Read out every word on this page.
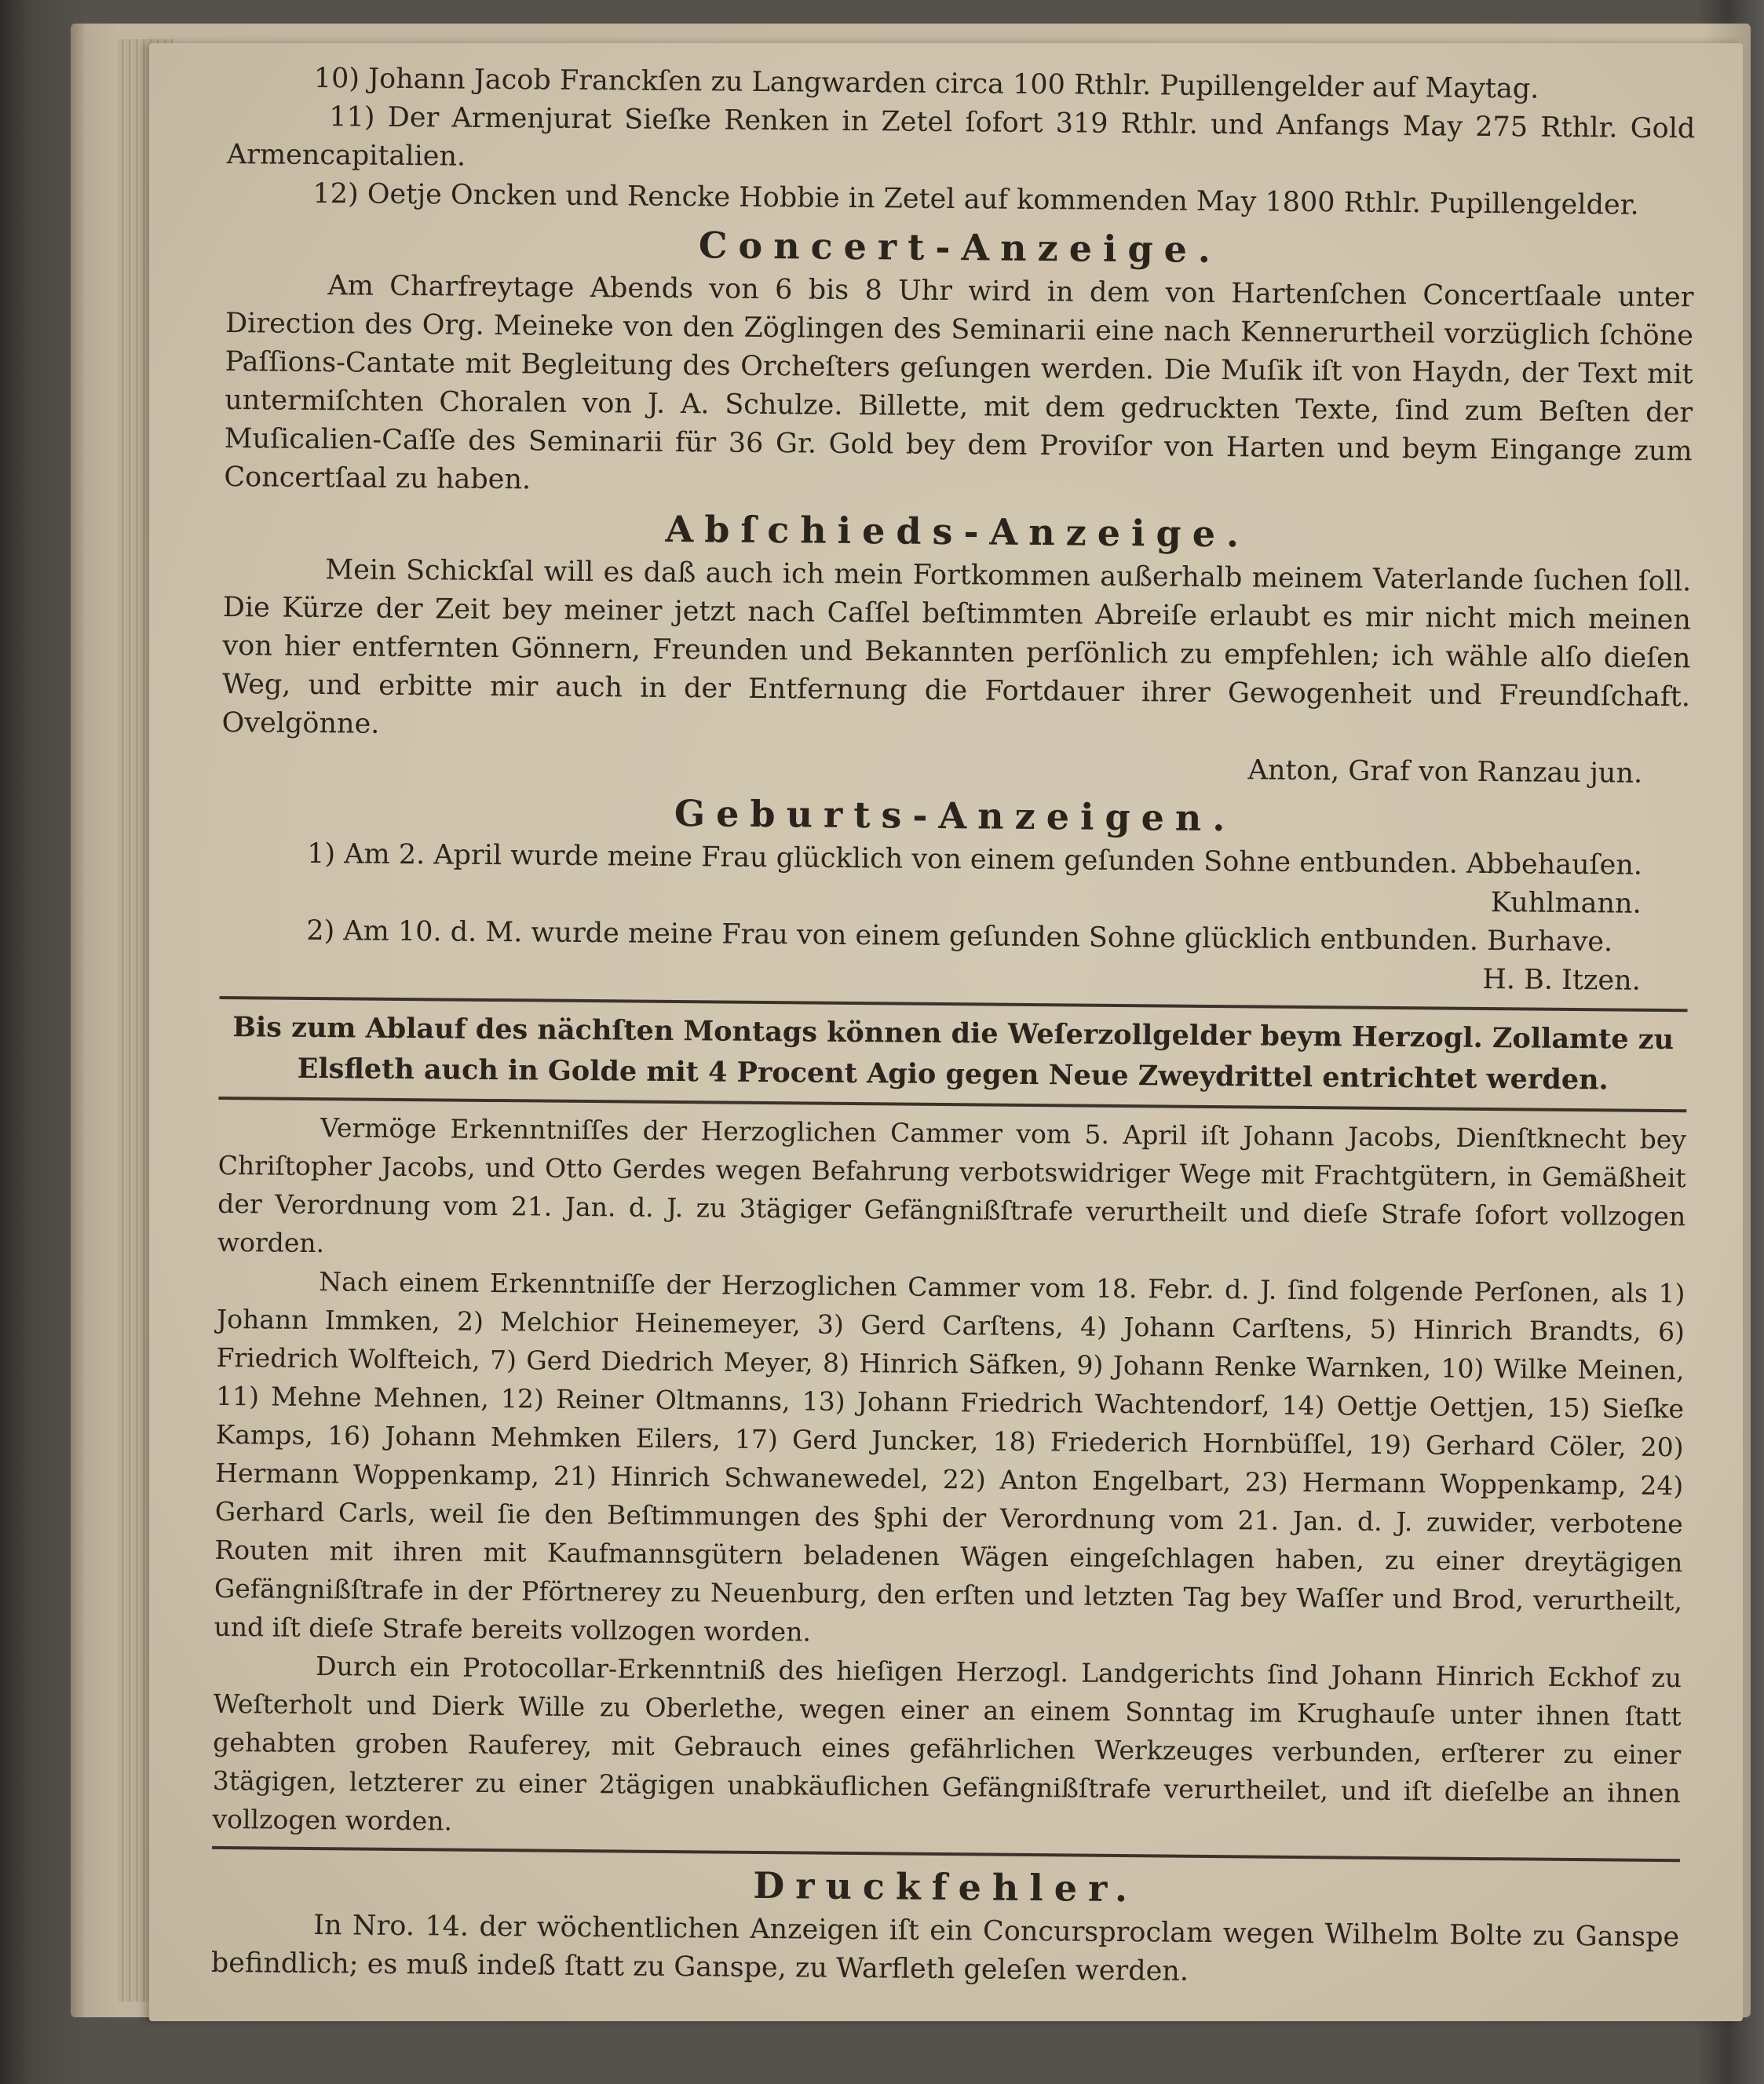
10) Johann Jacob Franckſen zu Langwarden circa 100 Rthlr. Pupillengelder auf Maytag.

11) Der Armenjurat Sieſke Renken in Zetel ſofort 319 Rthlr. und Anfangs May 275 Rthlr. Gold Armencapitalien.

12) Oetje Oncken und Rencke Hobbie in Zetel auf kommenden May 1800 Rthlr. Pupillengelder.

Concert-Anzeige.

Am Charfreytage Abends von 6 bis 8 Uhr wird in dem von Hartenſchen Concertſaale unter Direction des Org. Meineke von den Zöglingen des Seminarii eine nach Kennerurtheil vorzüglich ſchöne Paſſions-Cantate mit Begleitung des Orcheſters geſungen werden. Die Muſik iſt von Haydn, der Text mit untermiſchten Choralen von J. A. Schulze. Billette, mit dem gedruckten Texte, ſind zum Beſten der Muſicalien-Caſſe des Seminarii für 36 Gr. Gold bey dem Proviſor von Harten und beym Eingange zum Concertſaal zu haben.

Abſchieds-Anzeige.

Mein Schickſal will es daß auch ich mein Fortkommen außerhalb meinem Vaterlande ſuchen ſoll. Die Kürze der Zeit bey meiner jetzt nach Caſſel beſtimmten Abreiſe erlaubt es mir nicht mich meinen von hier entfernten Gönnern, Freunden und Bekannten perſönlich zu empfehlen; ich wähle alſo dieſen Weg, und erbitte mir auch in der Entfernung die Fortdauer ihrer Gewogenheit und Freundſchaft. Ovelgönne.

Anton, Graf von Ranzau jun.

Geburts-Anzeigen.

1) Am 2. April wurde meine Frau glücklich von einem geſunden Sohne entbunden. Abbehauſen.

Kuhlmann.

2) Am 10. d. M. wurde meine Frau von einem geſunden Sohne glücklich entbunden. Burhave.

H. B. Itzen.

Bis zum Ablauf des nächſten Montags können die Weſerzollgelder beym Herzogl. Zollamte zu Elsfleth auch in Golde mit 4 Procent Agio gegen Neue Zweydrittel entrichtet werden.

Vermöge Erkenntniſſes der Herzoglichen Cammer vom 5. April iſt Johann Jacobs, Dienſtknecht bey Chriſtopher Jacobs, und Otto Gerdes wegen Befahrung verbotswidriger Wege mit Frachtgütern, in Gemäßheit der Verordnung vom 21. Jan. d. J. zu 3tägiger Gefängnißſtrafe verurtheilt und dieſe Strafe ſofort vollzogen worden.

Nach einem Erkenntniſſe der Herzoglichen Cammer vom 18. Febr. d. J. ſind folgende Perſonen, als 1) Johann Immken, 2) Melchior Heinemeyer, 3) Gerd Carſtens, 4) Johann Carſtens, 5) Hinrich Brandts, 6) Friedrich Wolfteich, 7) Gerd Diedrich Meyer, 8) Hinrich Säfken, 9) Johann Renke Warnken, 10) Wilke Meinen, 11) Mehne Mehnen, 12) Reiner Oltmanns, 13) Johann Friedrich Wachtendorf, 14) Oettje Oettjen, 15) Sieſke Kamps, 16) Johann Mehmken Eilers, 17) Gerd Juncker, 18) Friederich Hornbüſſel, 19) Gerhard Cöler, 20) Hermann Woppenkamp, 21) Hinrich Schwanewedel, 22) Anton Engelbart, 23) Hermann Woppenkamp, 24) Gerhard Carls, weil ſie den Beſtimmungen des §phi der Verordnung vom 21. Jan. d. J. zuwider, verbotene Routen mit ihren mit Kaufmannsgütern beladenen Wägen eingeſchlagen haben, zu einer dreytägigen Gefängnißſtrafe in der Pförtnerey zu Neuenburg, den erſten und letzten Tag bey Waſſer und Brod, verurtheilt, und iſt dieſe Strafe bereits vollzogen worden.

Durch ein Protocollar-Erkenntniß des hieſigen Herzogl. Landgerichts ſind Johann Hinrich Eckhof zu Weſterholt und Dierk Wille zu Oberlethe, wegen einer an einem Sonntag im Krughauſe unter ihnen ſtatt gehabten groben Rauferey, mit Gebrauch eines gefährlichen Werkzeuges verbunden, erſterer zu einer 3tägigen, letzterer zu einer 2tägigen unabkäuflichen Gefängnißſtrafe verurtheilet, und iſt dieſelbe an ihnen vollzogen worden.

Druckfehler.

In Nro. 14. der wöchentlichen Anzeigen iſt ein Concursproclam wegen Wilhelm Bolte zu Ganspe befindlich; es muß indeß ſtatt zu Ganspe, zu Warfleth geleſen werden.
